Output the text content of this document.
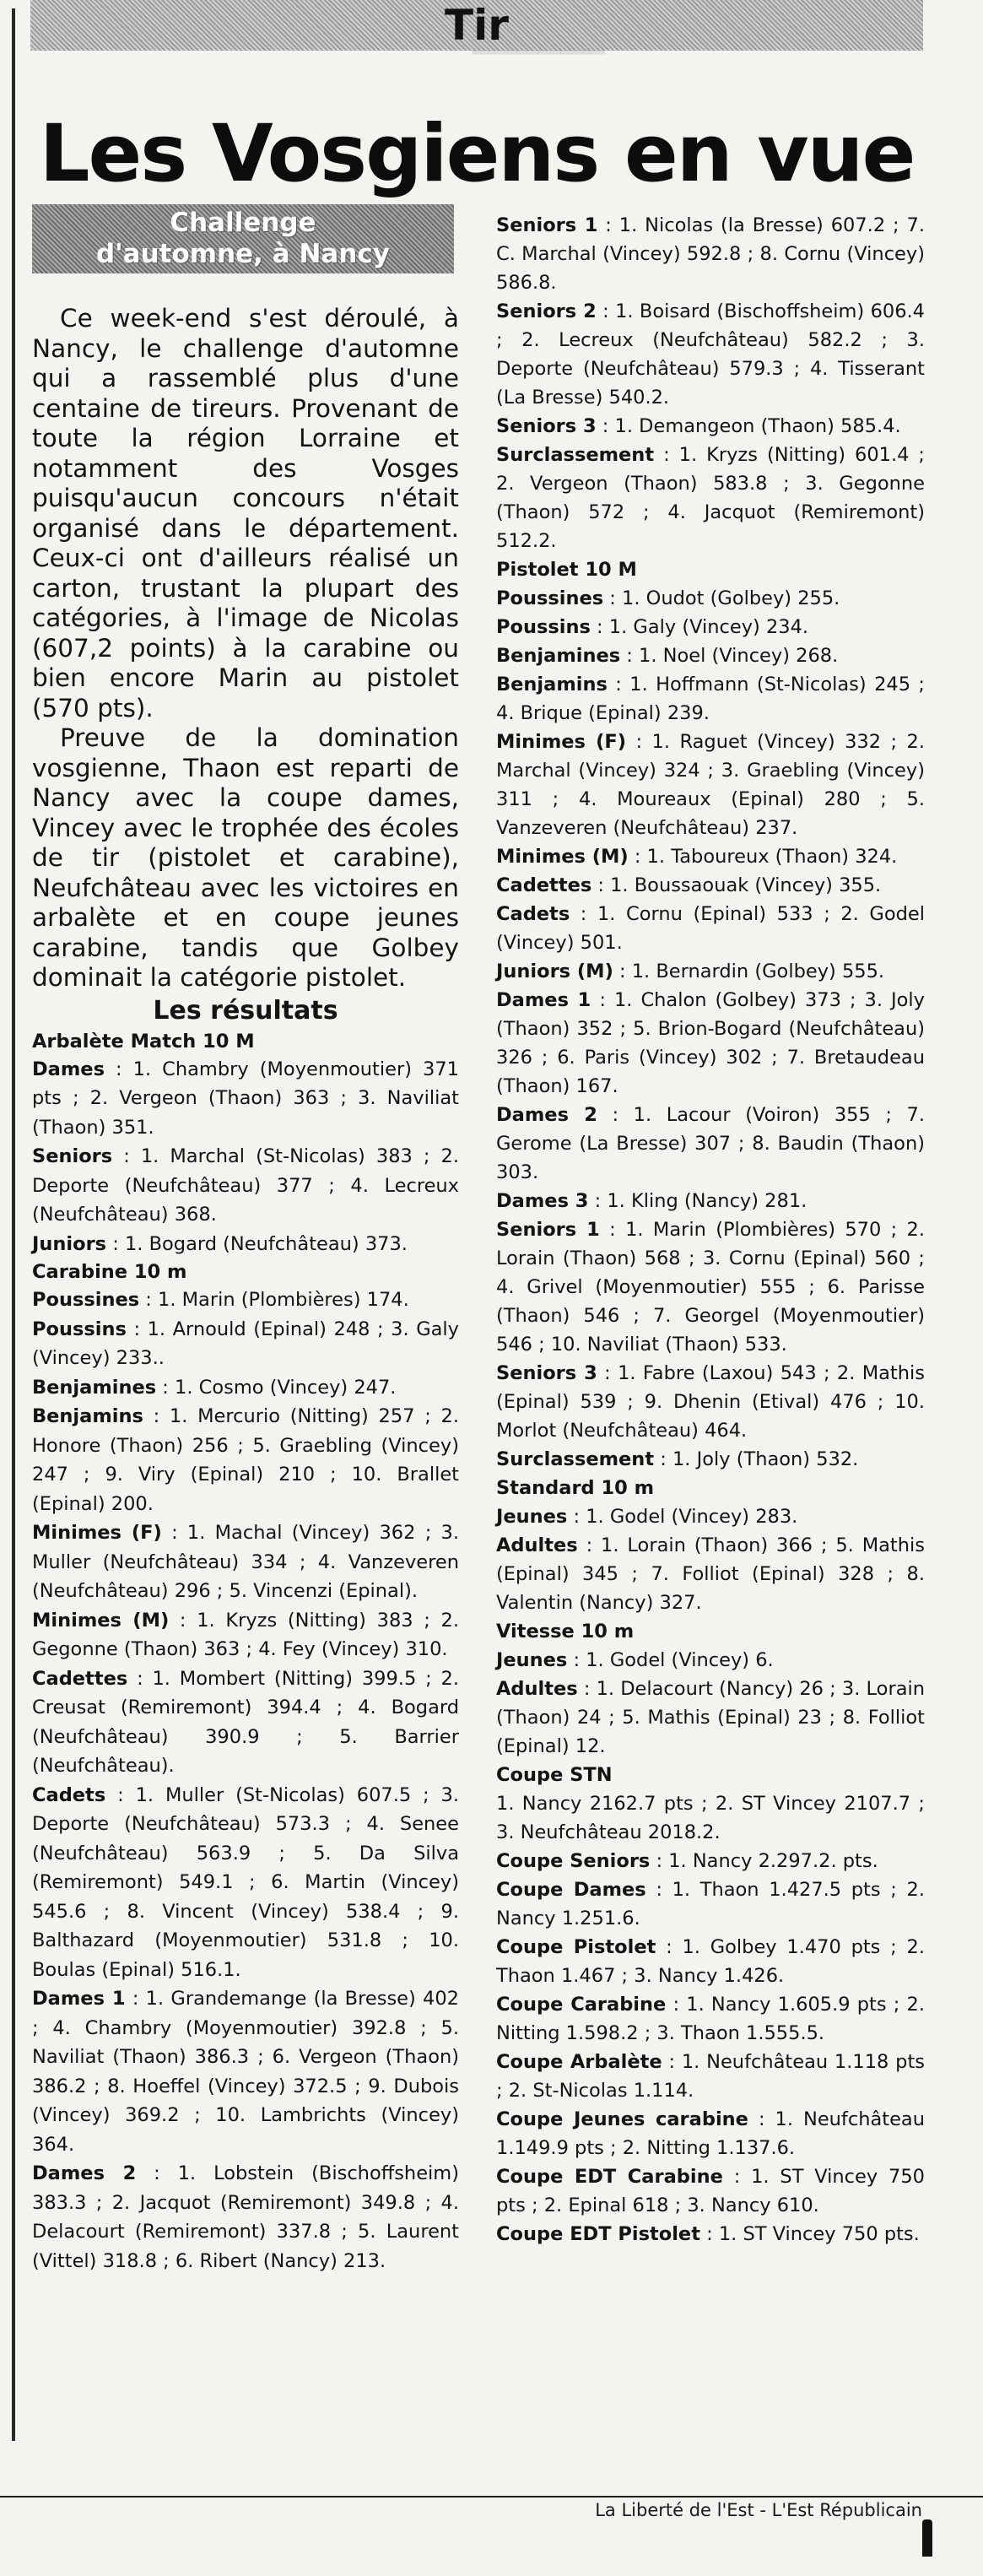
Tir
▔▔▔▔▔▔
Les Vosgiens en vue
Challenge
d'automne, à Nancy
Ce week-end s'est déroulé, à Nancy, le challenge d'automne qui a rassemblé plus d'une centaine de tireurs. Provenant de toute la région Lorraine et notamment des Vosges puisqu'aucun concours n'était organisé dans le département. Ceux-ci ont d'ailleurs réalisé un carton, trustant la plupart des catégories, à l'image de Nicolas (607,2 points) à la carabine ou bien encore Marin au pistolet (570 pts).
Preuve de la domination vosgienne, Thaon est reparti de Nancy avec la coupe dames, Vincey avec le trophée des écoles de tir (pistolet et carabine), Neufchâteau avec les victoires en arbalète et en coupe jeunes carabine, tandis que Golbey dominait la catégorie pistolet.
Les résultats
Arbalète Match 10 M
Dames : 1. Chambry (Moyenmoutier) 371 pts ; 2. Vergeon (Thaon) 363 ; 3. Naviliat (Thaon) 351.
Seniors : 1. Marchal (St-Nicolas) 383 ; 2. Deporte (Neufchâteau) 377 ; 4. Lecreux (Neufchâteau) 368.
Juniors : 1. Bogard (Neufchâteau) 373.
Carabine 10 m
Poussines : 1. Marin (Plombières) 174.
Poussins : 1. Arnould (Epinal) 248 ; 3. Galy (Vincey) 233..
Benjamines : 1. Cosmo (Vincey) 247.
Benjamins : 1. Mercurio (Nitting) 257 ; 2. Honore (Thaon) 256 ; 5. Graebling (Vincey) 247 ; 9. Viry (Epinal) 210 ; 10. Brallet (Epinal) 200.
Minimes (F) : 1. Machal (Vincey) 362 ; 3. Muller (Neufchâteau) 334 ; 4. Vanzeveren (Neufchâteau) 296 ; 5. Vincenzi (Epinal).
Minimes (M) : 1. Kryzs (Nitting) 383 ; 2. Gegonne (Thaon) 363 ; 4. Fey (Vincey) 310.
Cadettes : 1. Mombert (Nitting) 399.5 ; 2. Creusat (Remiremont) 394.4 ; 4. Bogard (Neufchâteau) 390.9 ; 5. Barrier (Neufchâteau).
Cadets : 1. Muller (St-Nicolas) 607.5 ; 3. Deporte (Neufchâteau) 573.3 ; 4. Senee (Neufchâteau) 563.9 ; 5. Da Silva (Remiremont) 549.1 ; 6. Martin (Vincey) 545.6 ; 8. Vincent (Vincey) 538.4 ; 9. Balthazard (Moyenmoutier) 531.8 ; 10. Boulas (Epinal) 516.1.
Dames 1 : 1. Grandemange (la Bresse) 402 ; 4. Chambry (Moyenmoutier) 392.8 ; 5. Naviliat (Thaon) 386.3 ; 6. Vergeon (Thaon) 386.2 ; 8. Hoeffel (Vincey) 372.5 ; 9. Dubois (Vincey) 369.2 ; 10. Lambrichts (Vincey) 364.
Dames 2 : 1. Lobstein (Bischoffsheim) 383.3 ; 2. Jacquot (Remiremont) 349.8 ; 4. Delacourt (Remiremont) 337.8 ; 5. Laurent (Vittel) 318.8 ; 6. Ribert (Nancy) 213.
Seniors 1 : 1. Nicolas (la Bresse) 607.2 ; 7. C. Marchal (Vincey) 592.8 ; 8. Cornu (Vincey) 586.8.
Seniors 2 : 1. Boisard (Bischoffsheim) 606.4 ; 2. Lecreux (Neufchâteau) 582.2 ; 3. Deporte (Neufchâteau) 579.3 ; 4. Tisserant (La Bresse) 540.2.
Seniors 3 : 1. Demangeon (Thaon) 585.4.
Surclassement : 1. Kryzs (Nitting) 601.4 ; 2. Vergeon (Thaon) 583.8 ; 3. Gegonne (Thaon) 572 ; 4. Jacquot (Remiremont) 512.2.
Pistolet 10 M
Poussines : 1. Oudot (Golbey) 255.
Poussins : 1. Galy (Vincey) 234.
Benjamines : 1. Noel (Vincey) 268.
Benjamins : 1. Hoffmann (St-Nicolas) 245 ; 4. Brique (Epinal) 239.
Minimes (F) : 1. Raguet (Vincey) 332 ; 2. Marchal (Vincey) 324 ; 3. Graebling (Vincey) 311 ; 4. Moureaux (Epinal) 280 ; 5. Vanzeveren (Neufchâteau) 237.
Minimes (M) : 1. Taboureux (Thaon) 324.
Cadettes : 1. Boussaouak (Vincey) 355.
Cadets : 1. Cornu (Epinal) 533 ; 2. Godel (Vincey) 501.
Juniors (M) : 1. Bernardin (Golbey) 555.
Dames 1 : 1. Chalon (Golbey) 373 ; 3. Joly (Thaon) 352 ; 5. Brion-Bogard (Neufchâteau) 326 ; 6. Paris (Vincey) 302 ; 7. Bretaudeau (Thaon) 167.
Dames 2 : 1. Lacour (Voiron) 355 ; 7. Gerome (La Bresse) 307 ; 8. Baudin (Thaon) 303.
Dames 3 : 1. Kling (Nancy) 281.
Seniors 1 : 1. Marin (Plombières) 570 ; 2. Lorain (Thaon) 568 ; 3. Cornu (Epinal) 560 ; 4. Grivel (Moyenmoutier) 555 ; 6. Parisse (Thaon) 546 ; 7. Georgel (Moyenmoutier) 546 ; 10. Naviliat (Thaon) 533.
Seniors 3 : 1. Fabre (Laxou) 543 ; 2. Mathis (Epinal) 539 ; 9. Dhenin (Etival) 476 ; 10. Morlot (Neufchâteau) 464.
Surclassement : 1. Joly (Thaon) 532.
Standard 10 m
Jeunes : 1. Godel (Vincey) 283.
Adultes : 1. Lorain (Thaon) 366 ; 5. Mathis (Epinal) 345 ; 7. Folliot (Epinal) 328 ; 8. Valentin (Nancy) 327.
Vitesse 10 m
Jeunes : 1. Godel (Vincey) 6.
Adultes : 1. Delacourt (Nancy) 26 ; 3. Lorain (Thaon) 24 ; 5. Mathis (Epinal) 23 ; 8. Folliot (Epinal) 12.
Coupe STN
1. Nancy 2162.7 pts ; 2. ST Vincey 2107.7 ; 3. Neufchâteau 2018.2.
Coupe Seniors : 1. Nancy 2.297.2. pts.
Coupe Dames : 1. Thaon 1.427.5 pts ; 2. Nancy 1.251.6.
Coupe Pistolet : 1. Golbey 1.470 pts ; 2. Thaon 1.467 ; 3. Nancy 1.426.
Coupe Carabine : 1. Nancy 1.605.9 pts ; 2. Nitting 1.598.2 ; 3. Thaon 1.555.5.
Coupe Arbalète : 1. Neufchâteau 1.118 pts ; 2. St-Nicolas 1.114.
Coupe Jeunes carabine : 1. Neufchâteau 1.149.9 pts ; 2. Nitting 1.137.6.
Coupe EDT Carabine : 1. ST Vincey 750 pts ; 2. Epinal 618 ; 3. Nancy 610.
Coupe EDT Pistolet : 1. ST Vincey 750 pts.
La Liberté de l'Est - L'Est Républicain
